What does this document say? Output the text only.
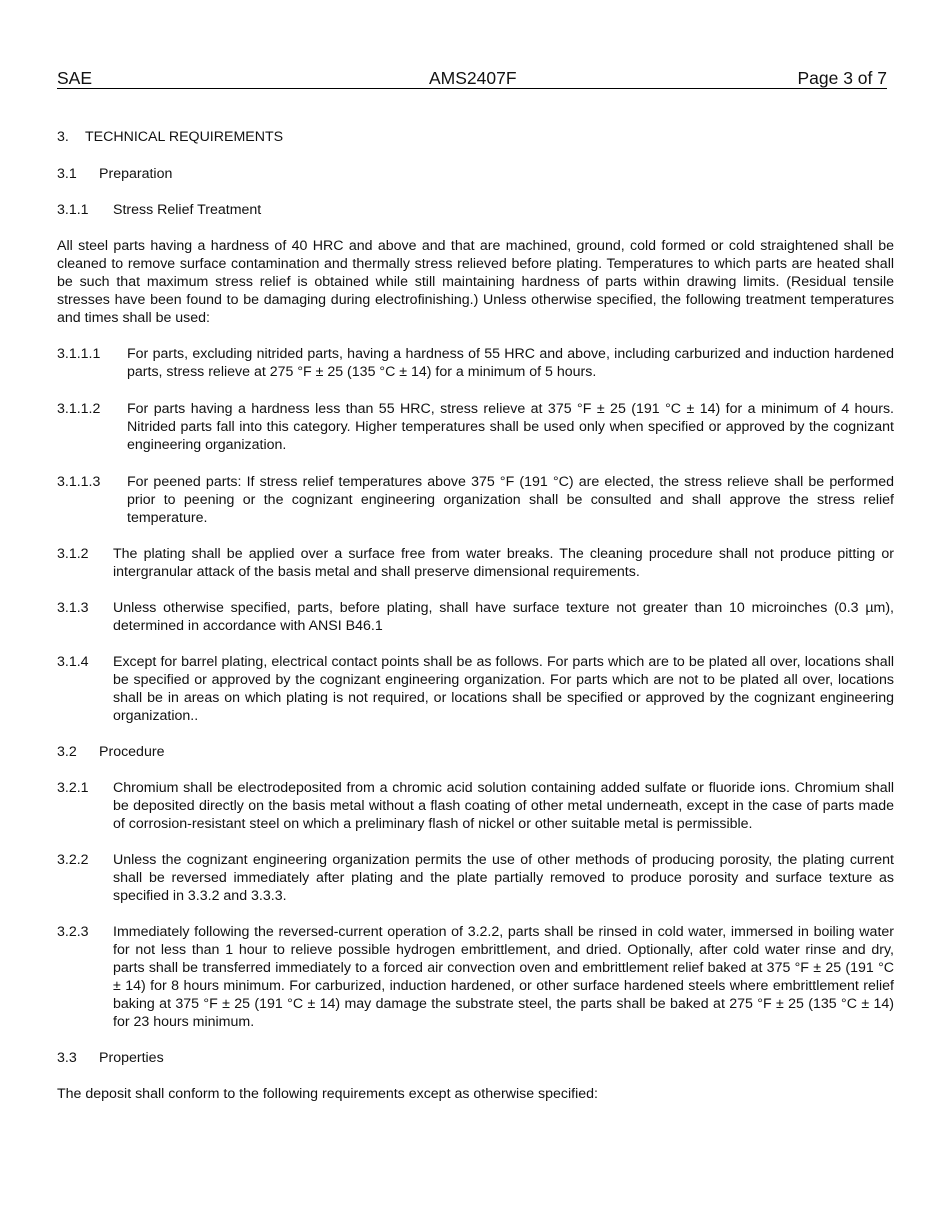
SAE	AMS2407F	Page 3 of 7
3.	TECHNICAL REQUIREMENTS
3.1	Preparation
3.1.1	Stress Relief Treatment

All steel parts having a hardness of 40 HRC and above and that are machined, ground, cold formed or cold straightened shall be cleaned to remove surface contamination and thermally stress relieved before plating. Temperatures to which parts are heated shall be such that maximum stress relief is obtained while still maintaining hardness of parts within drawing limits. (Residual tensile stresses have been found to be damaging during electrofinishing.) Unless otherwise specified, the following treatment temperatures and times shall be used:

3.1.1.1	For parts, excluding nitrided parts, having a hardness of 55 HRC and above, including carburized and induction hardened parts, stress relieve at 275 °F ± 25 (135 °C ± 14) for a minimum of 5 hours.
3.1.1.2	For parts having a hardness less than 55 HRC, stress relieve at 375 °F ± 25 (191 °C ± 14) for a minimum of 4 hours. Nitrided parts fall into this category. Higher temperatures shall be used only when specified or approved by the cognizant engineering organization.
3.1.1.3	For peened parts: If stress relief temperatures above 375 °F (191 °C) are elected, the stress relieve shall be performed prior to peening or the cognizant engineering organization shall be consulted and shall approve the stress relief temperature.
3.1.2	The plating shall be applied over a surface free from water breaks. The cleaning procedure shall not produce pitting or intergranular attack of the basis metal and shall preserve dimensional requirements.
3.1.3	Unless otherwise specified, parts, before plating, shall have surface texture not greater than 10 microinches (0.3 µm), determined in accordance with ANSI B46.1
3.1.4	Except for barrel plating, electrical contact points shall be as follows. For parts which are to be plated all over, locations shall be specified or approved by the cognizant engineering organization. For parts which are not to be plated all over, locations shall be in areas on which plating is not required, or locations shall be specified or approved by the cognizant engineering organization..
3.2	Procedure
3.2.1	Chromium shall be electrodeposited from a chromic acid solution containing added sulfate or fluoride ions. Chromium shall be deposited directly on the basis metal without a flash coating of other metal underneath, except in the case of parts made of corrosion-resistant steel on which a preliminary flash of nickel or other suitable metal is permissible.
3.2.2	Unless the cognizant engineering organization permits the use of other methods of producing porosity, the plating current shall be reversed immediately after plating and the plate partially removed to produce porosity and surface texture as specified in 3.3.2 and 3.3.3.
3.2.3	Immediately following the reversed-current operation of 3.2.2, parts shall be rinsed in cold water, immersed in boiling water for not less than 1 hour to relieve possible hydrogen embrittlement, and dried. Optionally, after cold water rinse and dry, parts shall be transferred immediately to a forced air convection oven and embrittlement relief baked at 375 °F ± 25 (191 °C ± 14) for 8 hours minimum. For carburized, induction hardened, or other surface hardened steels where embrittlement relief baking at 375 °F ± 25 (191 °C ± 14) may damage the substrate steel, the parts shall be baked at 275 °F ± 25 (135 °C ± 14) for 23 hours minimum.
3.3	Properties

The deposit shall conform to the following requirements except as otherwise specified:
